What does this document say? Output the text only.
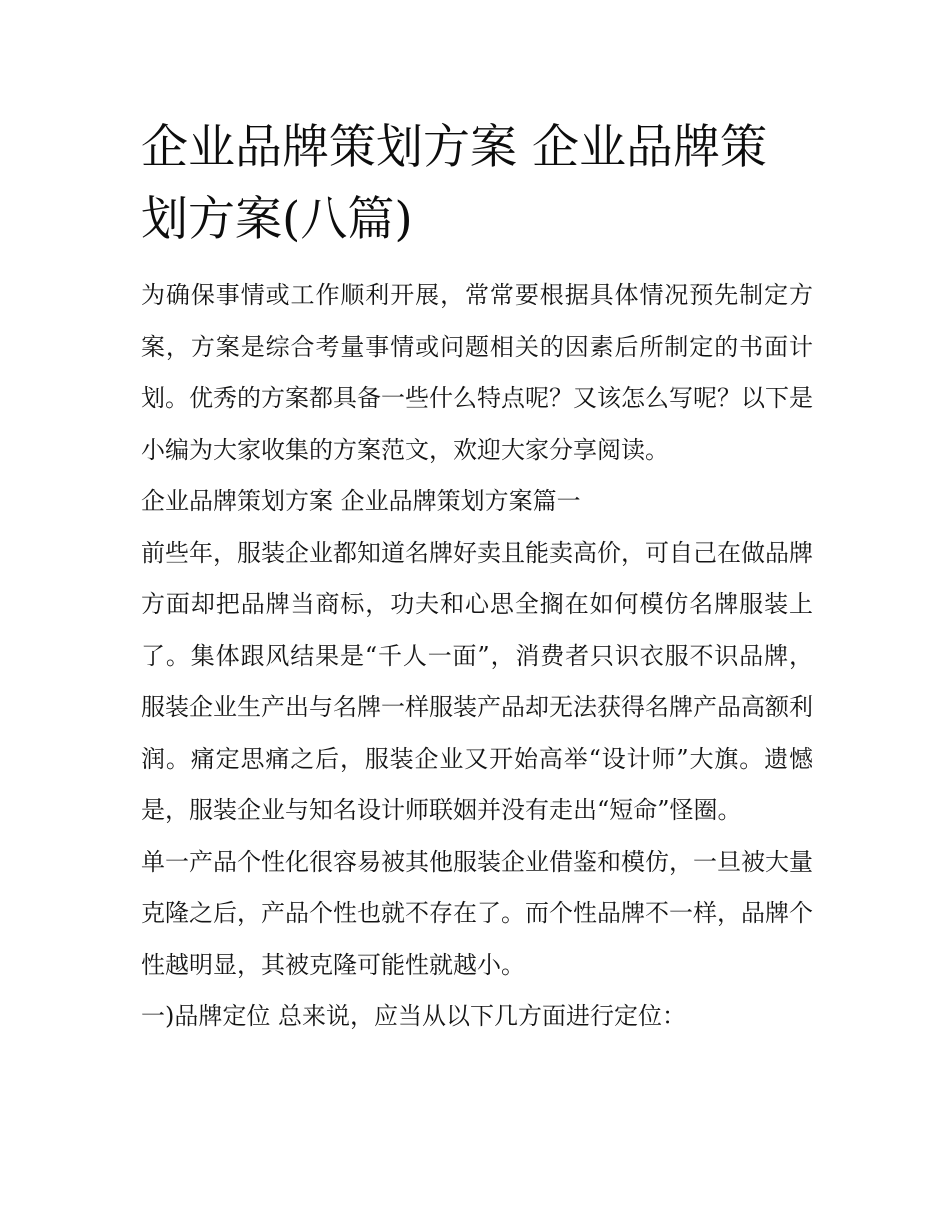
企业品牌策划方案 企业品牌策划方案(八篇)

为确保事情或工作顺利开展，常常要根据具体情况预先制定方案，方案是综合考量事情或问题相关的因素后所制定的书面计划。优秀的方案都具备一些什么特点呢？又该怎么写呢？以下是小编为大家收集的方案范文，欢迎大家分享阅读。

企业品牌策划方案 企业品牌策划方案篇一

前些年，服装企业都知道名牌好卖且能卖高价，可自己在做品牌方面却把品牌当商标，功夫和心思全搁在如何模仿名牌服装上了。集体跟风结果是“千人一面”，消费者只识衣服不识品牌，服装企业生产出与名牌一样服装产品却无法获得名牌产品高额利润。痛定思痛之后，服装企业又开始高举“设计师”大旗。遗憾是，服装企业与知名设计师联姻并没有走出“短命”怪圈。

单一产品个性化很容易被其他服装企业借鉴和模仿，一旦被大量克隆之后，产品个性也就不存在了。而个性品牌不一样，品牌个性越明显，其被克隆可能性就越小。

一)品牌定位 总来说，应当从以下几方面进行定位：
